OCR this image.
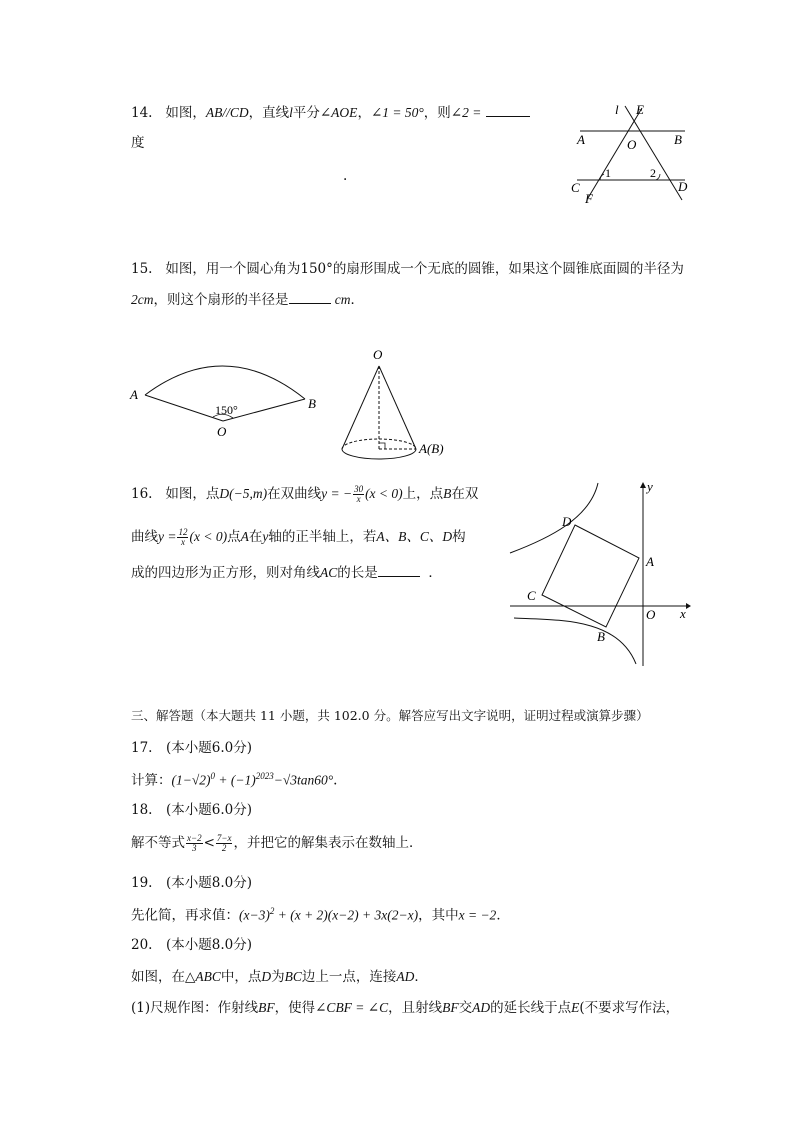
14. 如图，AB//CD，直线l平分∠AOE，∠1 = 50°，则∠2 =
度
.
l E
A	B
O
C	D
F
1	2
15. 如图，用一个圆心角为150°的扇形围成一个无底的圆锥，如果这个圆锥底面圆的半径为
2cm，则这个扇形的半径是	cm．
A
B
O
150°
O
A(B)
16. 如图，点D(−5,m)在双曲线y = − $\frac{30}{x} (x < 0)$上，点B在双
曲线$y = \frac{12}{x} (x < 0)$点A在y轴的正半轴上，若A、B、C、D构
成的四边形为正方形，则对角线AC的长是	．
y
x
D
A
C
O
B
三、解答题（本大题共 11 小题，共 102.0 分。解答应写出文字说明，证明过程或演算步骤）
17.　(本小题6.0分)
计算：$(1-√2)^0 + (-1)^{2023}-√3\tan 60^\circ$.
18.　(本小题6.0分)
解不等式 $\frac{x-2}{3} < \frac{7-x}{2}$ ，并把它的解集表示在数轴上．
19.　(本小题8.0分)
先化简，再求值：$(x-3)^2 + (x + 2)(x-2) + 3x(2-x)$，其中x = −2．
20.　(本小题8.0分)
如图，在△ABC中，点D为BC边上一点，连接AD．
(1)尺规作图：作射线BF，使得∠CBF = ∠C，且射线BF交AD的延长线于点E(不要求写作法，
